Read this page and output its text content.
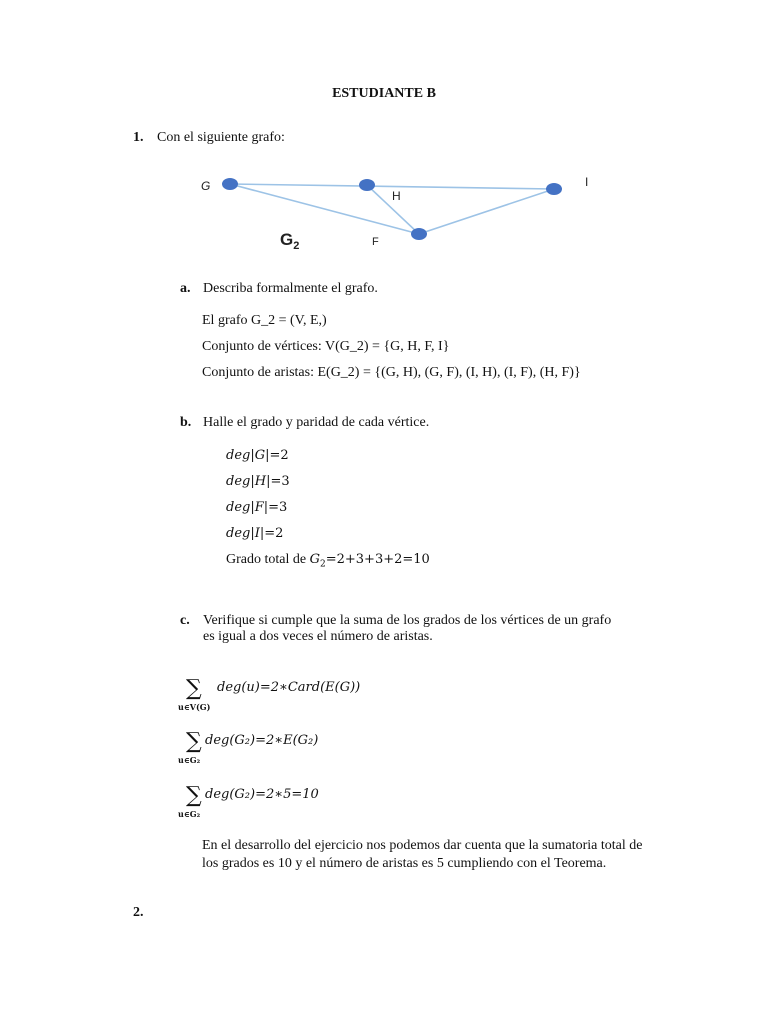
ESTUDIANTE B
1. Con el siguiente grafo:
G
H
I
F
$G_2$
a. Describa formalmente el grafo.
El grafo G_2 = (V, E,)
Conjunto de vértices: V(G_2) = {G, H, F, I}
Conjunto de aristas: E(G_2) = {(G, H), (G, F), (I, H), (I, F), (H, F)}
b. Halle el grado y paridad de cada vértice.
deg|G|=2
deg|H|=3
deg|F|=3
deg|I|=2
Grado total de $G_2=2+3+3+2=10$
c. Verifique si cumple que la suma de los grados de los vértices de un grafo
es igual a dos veces el número de aristas.
∑
u∈V(G)
deg(u)=2∗Card(E(G))
∑
u∈G₂
deg(G₂)=2∗E(G₂)
∑
u∈G₂
deg(G₂)=2∗5=10
En el desarrollo del ejercicio nos podemos dar cuenta que la sumatoria total de los grados es 10 y el número de aristas es 5 cumpliendo con el Teorema.
2.
